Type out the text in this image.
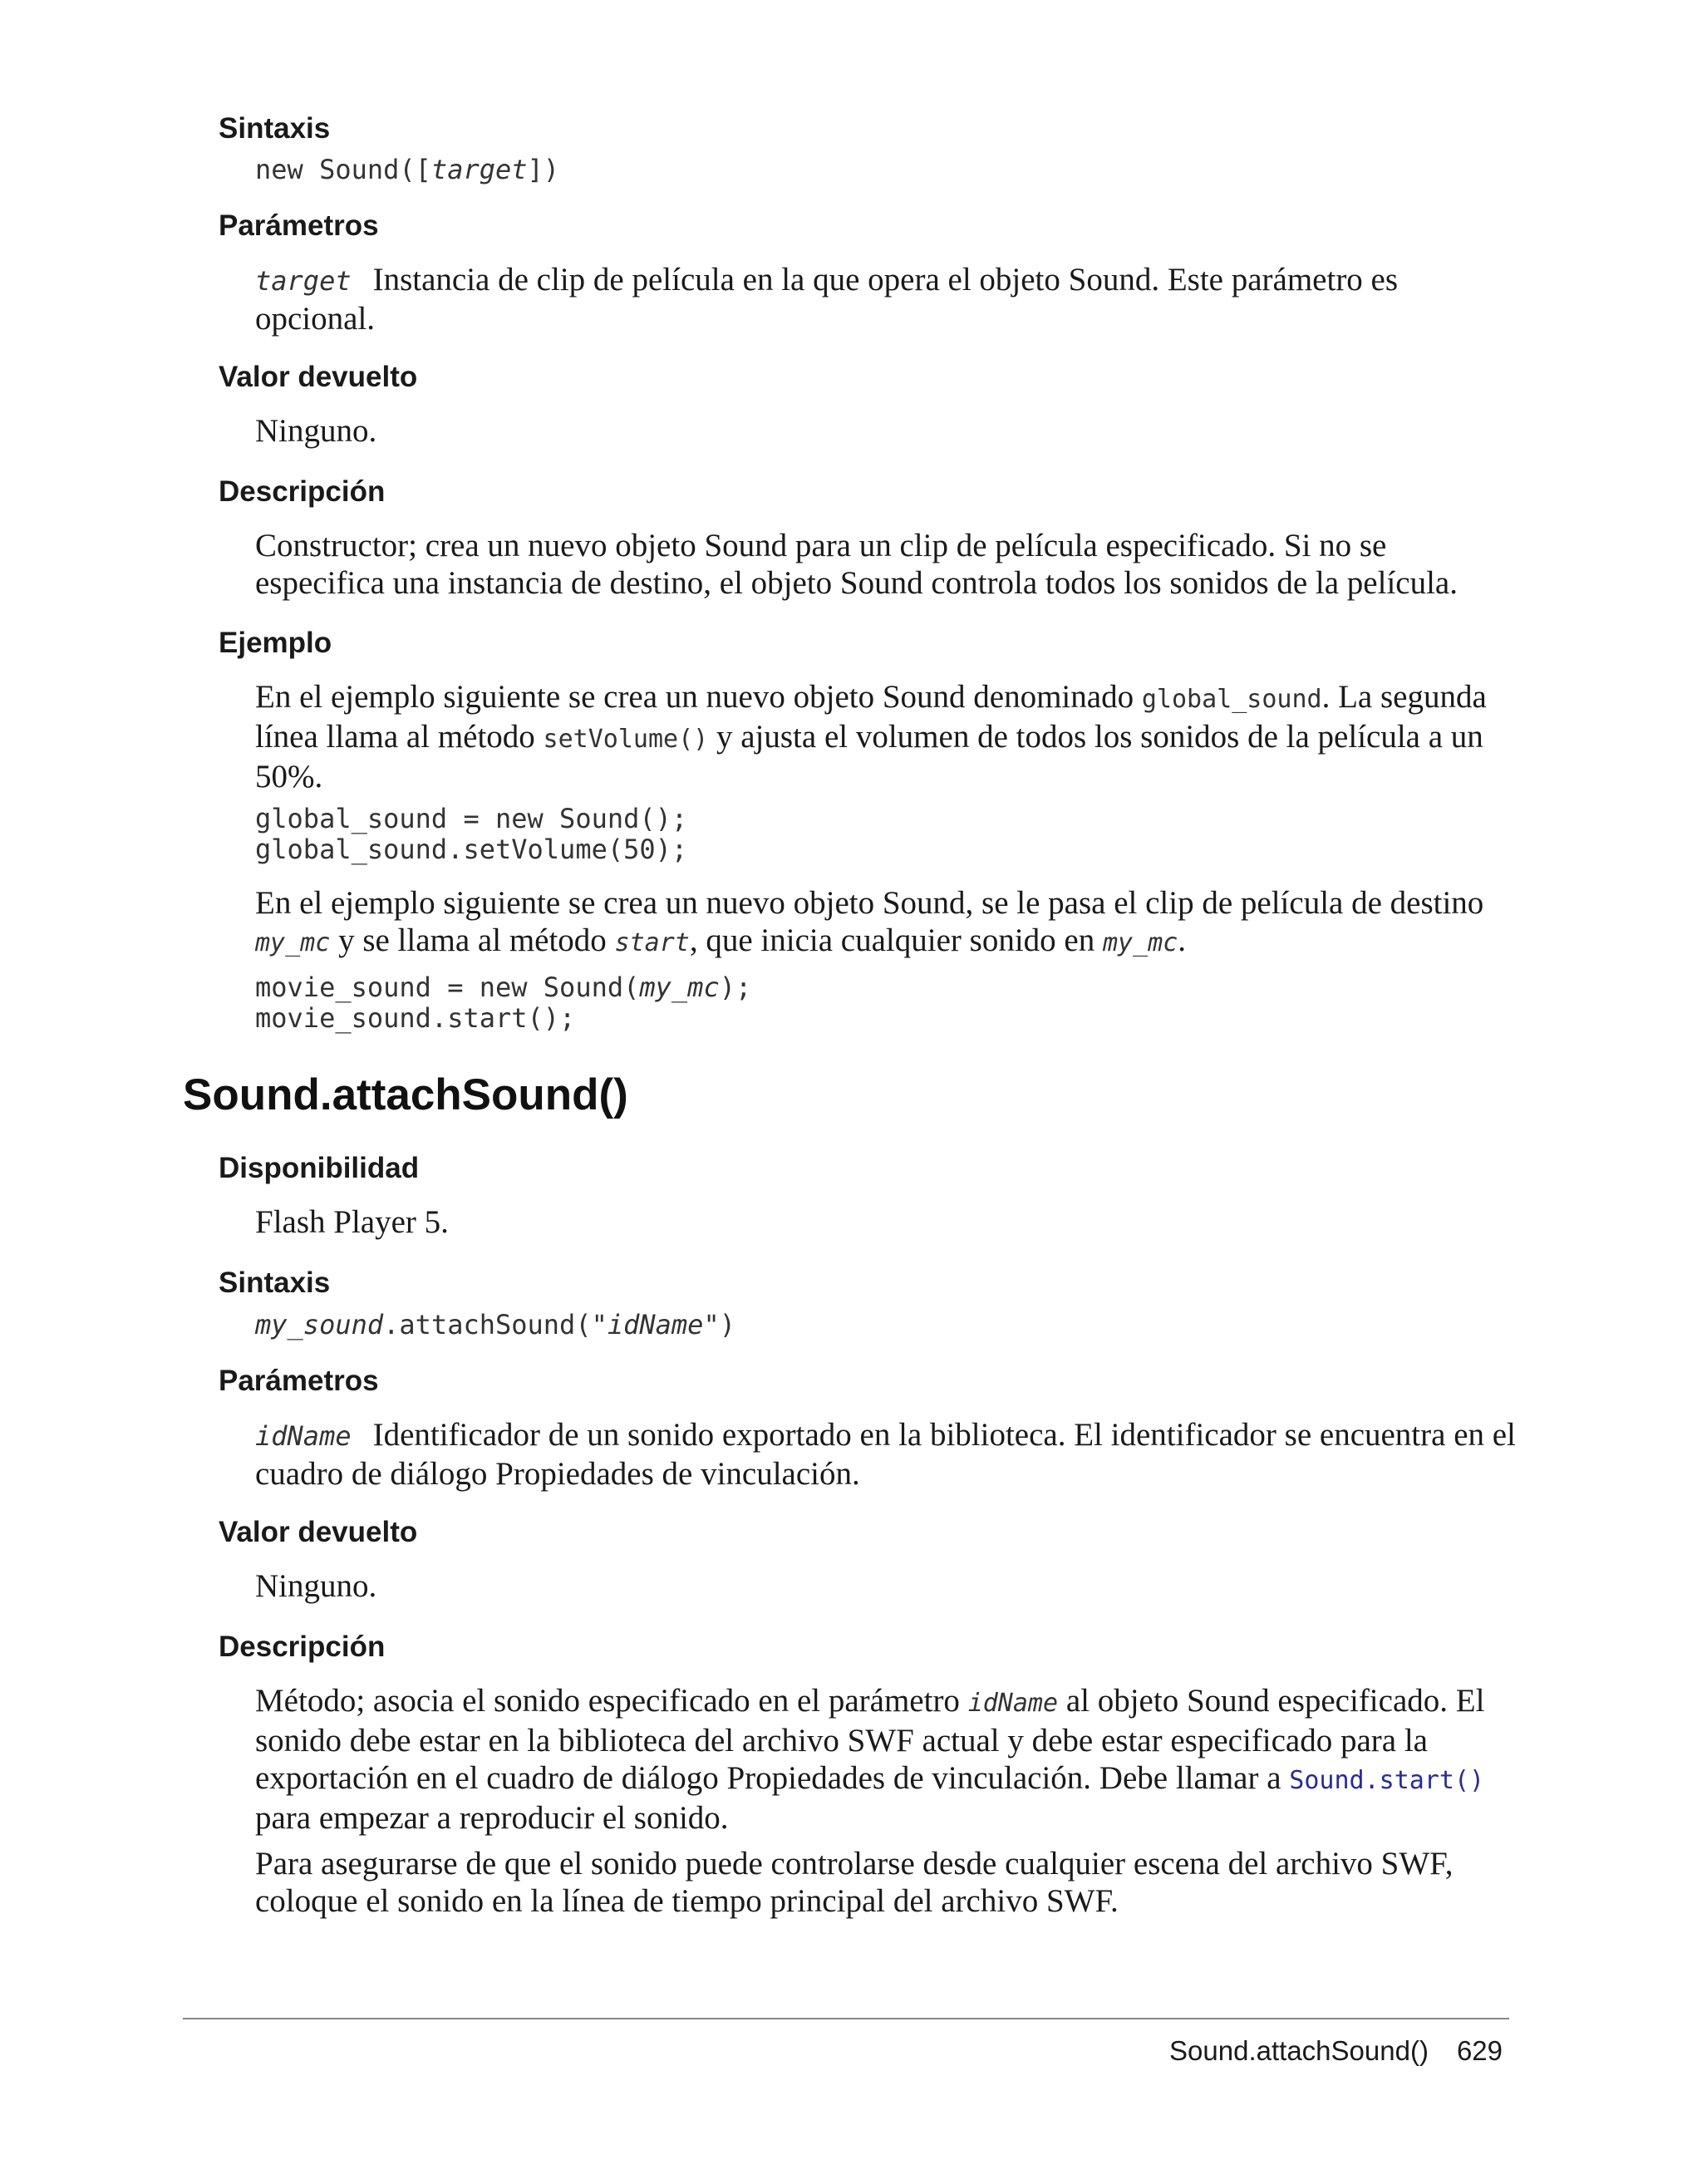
Sintaxis
new Sound([target])
Parámetros

target Instancia de clip de película en la que opera el objeto Sound. Este parámetro es opcional.

Valor devuelto

Ninguno.

Descripción

Constructor; crea un nuevo objeto Sound para un clip de película especificado. Si no se especifica una instancia de destino, el objeto Sound controla todos los sonidos de la película.

Ejemplo

En el ejemplo siguiente se crea un nuevo objeto Sound denominado global_sound. La segunda línea llama al método setVolume() y ajusta el volumen de todos los sonidos de la película a un 50%.

global_sound = new Sound();
global_sound.setVolume(50);

En el ejemplo siguiente se crea un nuevo objeto Sound, se le pasa el clip de película de destino my_mc y se llama al método start, que inicia cualquier sonido en my_mc.

movie_sound = new Sound(my_mc);
movie_sound.start();
Sound.attachSound()
Disponibilidad

Flash Player 5.

Sintaxis
my_sound.attachSound("idName")
Parámetros

idName Identificador de un sonido exportado en la biblioteca. El identificador se encuentra en el cuadro de diálogo Propiedades de vinculación.

Valor devuelto

Ninguno.

Descripción

Método; asocia el sonido especificado en el parámetro idName al objeto Sound especificado. El sonido debe estar en la biblioteca del archivo SWF actual y debe estar especificado para la exportación en el cuadro de diálogo Propiedades de vinculación. Debe llamar a Sound.start() para empezar a reproducir el sonido.

Para asegurarse de que el sonido puede controlarse desde cualquier escena del archivo SWF, coloque el sonido en la línea de tiempo principal del archivo SWF.

Sound.attachSound() 629
